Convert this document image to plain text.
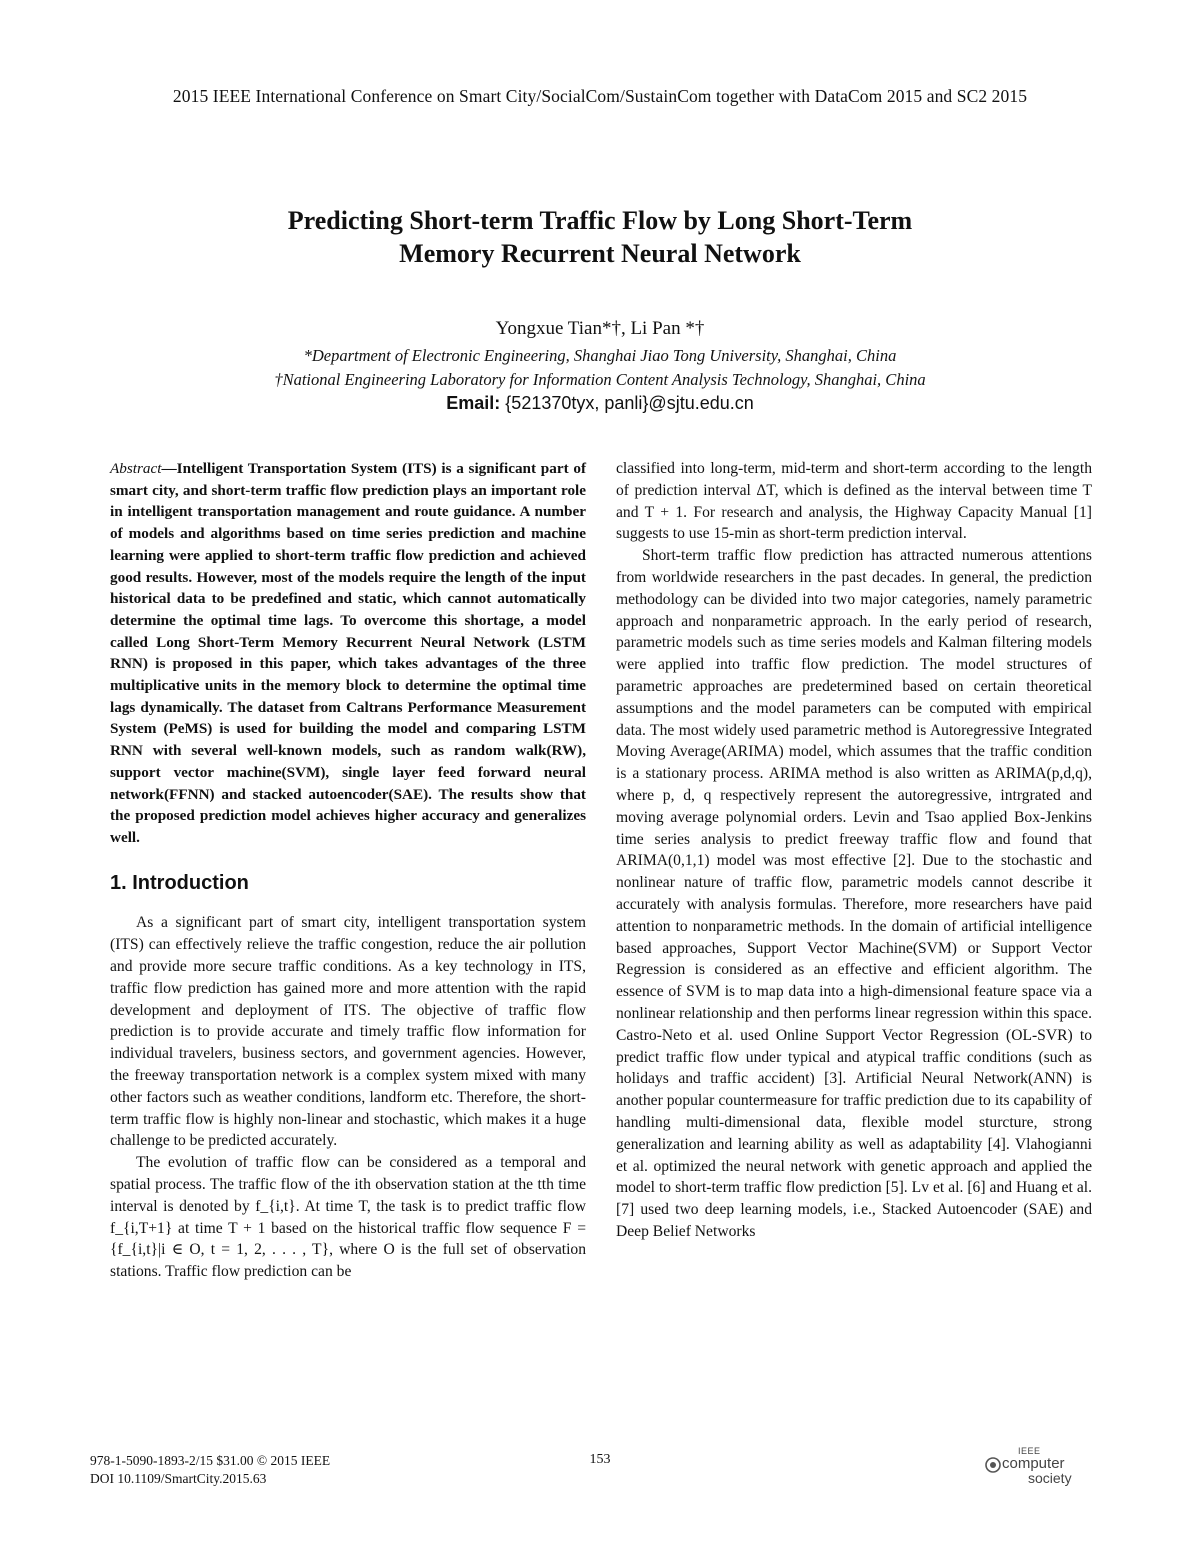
2015 IEEE International Conference on Smart City/SocialCom/SustainCom together with DataCom 2015 and SC2 2015
Predicting Short-term Traffic Flow by Long Short-Term
Memory Recurrent Neural Network
Yongxue Tian*†, Li Pan *†
*Department of Electronic Engineering, Shanghai Jiao Tong University, Shanghai, China
†National Engineering Laboratory for Information Content Analysis Technology, Shanghai, China
Email: {521370tyx, panli}@sjtu.edu.cn
Abstract—Intelligent Transportation System (ITS) is a significant part of smart city, and short-term traffic flow prediction plays an important role in intelligent transportation management and route guidance. A number of models and algorithms based on time series prediction and machine learning were applied to short-term traffic flow prediction and achieved good results. However, most of the models require the length of the input historical data to be predefined and static, which cannot automatically determine the optimal time lags. To overcome this shortage, a model called Long Short-Term Memory Recurrent Neural Network (LSTM RNN) is proposed in this paper, which takes advantages of the three multiplicative units in the memory block to determine the optimal time lags dynamically. The dataset from Caltrans Performance Measurement System (PeMS) is used for building the model and comparing LSTM RNN with several well-known models, such as random walk(RW), support vector machine(SVM), single layer feed forward neural network(FFNN) and stacked autoencoder(SAE). The results show that the proposed prediction model achieves higher accuracy and generalizes well.
1. Introduction

As a significant part of smart city, intelligent transportation system (ITS) can effectively relieve the traffic congestion, reduce the air pollution and provide more secure traffic conditions. As a key technology in ITS, traffic flow prediction has gained more and more attention with the rapid development and deployment of ITS. The objective of traffic flow prediction is to provide accurate and timely traffic flow information for individual travelers, business sectors, and government agencies. However, the freeway transportation network is a complex system mixed with many other factors such as weather conditions, landform etc. Therefore, the short-term traffic flow is highly non-linear and stochastic, which makes it a huge challenge to be predicted accurately.

The evolution of traffic flow can be considered as a temporal and spatial process. The traffic flow of the ith observation station at the tth time interval is denoted by f_{i,t}. At time T, the task is to predict traffic flow f_{i,T+1} at time T + 1 based on the historical traffic flow sequence F = {f_{i,t}|i ∈ O, t = 1, 2, . . . , T}, where O is the full set of observation stations. Traffic flow prediction can be

classified into long-term, mid-term and short-term according to the length of prediction interval ΔT, which is defined as the interval between time T and T + 1. For research and analysis, the Highway Capacity Manual [1] suggests to use 15-min as short-term prediction interval.

Short-term traffic flow prediction has attracted numerous attentions from worldwide researchers in the past decades. In general, the prediction methodology can be divided into two major categories, namely parametric approach and nonparametric approach. In the early period of research, parametric models such as time series models and Kalman filtering models were applied into traffic flow prediction. The model structures of parametric approaches are predetermined based on certain theoretical assumptions and the model parameters can be computed with empirical data. The most widely used parametric method is Autoregressive Integrated Moving Average(ARIMA) model, which assumes that the traffic condition is a stationary process. ARIMA method is also written as ARIMA(p,d,q), where p, d, q respectively represent the autoregressive, intrgrated and moving average polynomial orders. Levin and Tsao applied Box-Jenkins time series analysis to predict freeway traffic flow and found that ARIMA(0,1,1) model was most effective [2]. Due to the stochastic and nonlinear nature of traffic flow, parametric models cannot describe it accurately with analysis formulas. Therefore, more researchers have paid attention to nonparametric methods. In the domain of artificial intelligence based approaches, Support Vector Machine(SVM) or Support Vector Regression is considered as an effective and efficient algorithm. The essence of SVM is to map data into a high-dimensional feature space via a nonlinear relationship and then performs linear regression within this space. Castro-Neto et al. used Online Support Vector Regression (OL-SVR) to predict traffic flow under typical and atypical traffic conditions (such as holidays and traffic accident) [3]. Artificial Neural Network(ANN) is another popular countermeasure for traffic prediction due to its capability of handling multi-dimensional data, flexible model sturcture, strong generalization and learning ability as well as adaptability [4]. Vlahogianni et al. optimized the neural network with genetic approach and applied the model to short-term traffic flow prediction [5]. Lv et al. [6] and Huang et al. [7] used two deep learning models, i.e., Stacked Autoencoder (SAE) and Deep Belief Networks

978-1-5090-1893-2/15 $31.00 © 2015 IEEE
DOI 10.1109/SmartCity.2015.63
153
IEEE
computer
society
